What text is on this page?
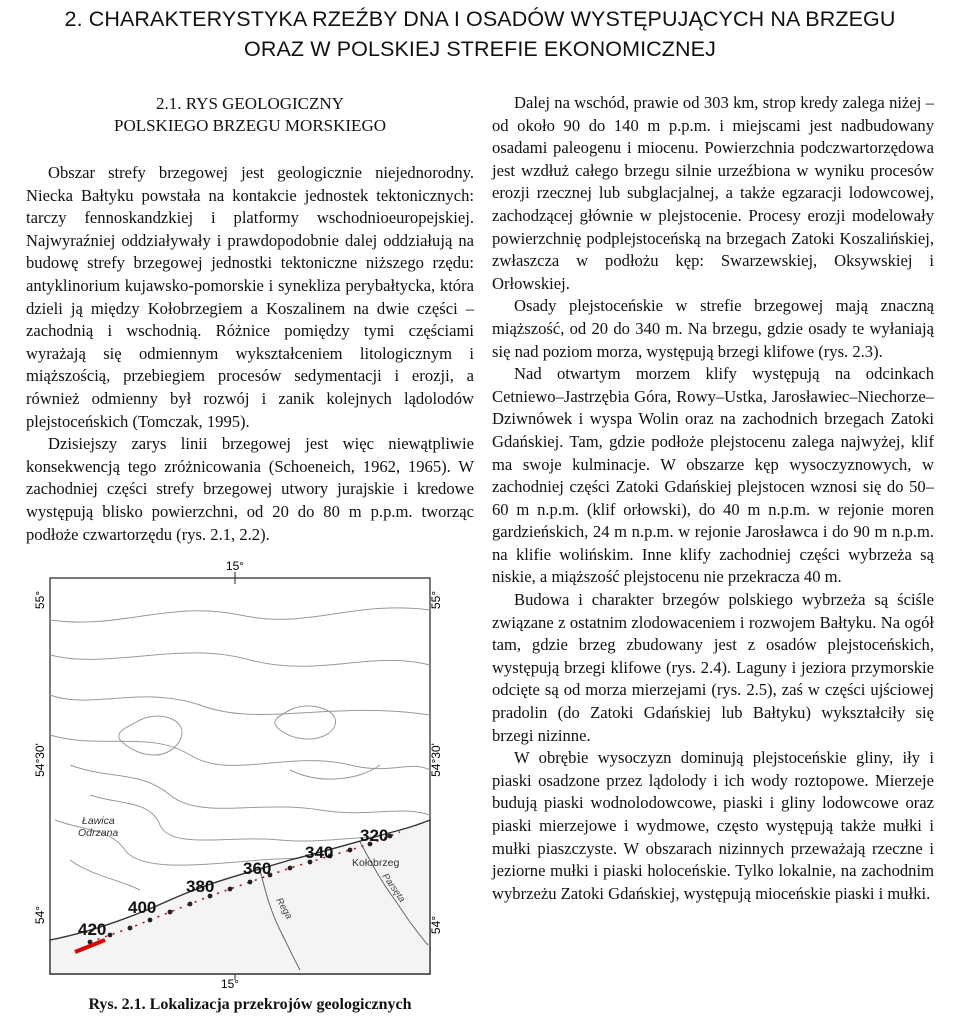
2. CHARAKTERYSTYKA RZEŹBY DNA I OSADÓW WYSTĘPUJĄCYCH NA BRZEGU
ORAZ W POLSKIEJ STREFIE EKONOMICZNEJ
2.1. RYS GEOLOGICZNY
POLSKIEGO BRZEGU MORSKIEGO

Obszar strefy brzegowej jest geologicznie niejednorodny. Niecka Bałtyku powstała na kontakcie jednostek tektonicznych: tarczy fennoskandzkiej i platformy wschodnioeuropejskiej. Najwyraźniej oddziaływały i prawdopodobnie dalej oddziałują na budowę strefy brzegowej jednostki tektoniczne niższego rzędu: antyklinorium kujawsko-pomorskie i synekliza perybałtycka, która dzieli ją między Kołobrzegiem a Koszalinem na dwie części – zachodnią i wschodnią. Różnice pomiędzy tymi częściami wyrażają się odmiennym wykształceniem litologicznym i miąższością, przebiegiem procesów sedymentacji i erozji, a również odmienny był rozwój i zanik kolejnych lądolodów plejstoceńskich (Tomczak, 1995).

Dzisiejszy zarys linii brzegowej jest więc niewątpliwie konsekwencją tego zróżnicowania (Schoeneich, 1962, 1965). W zachodniej części strefy brzegowej utwory jurajskie i kredowe występują blisko powierzchni, od 20 do 80 m p.p.m. tworząc podłoże czwartorzędu (rys. 2.1, 2.2).

Dalej na wschód, prawie od 303 km, strop kredy zalega niżej – od około 90 do 140 m p.p.m. i miejscami jest nadbudowany osadami paleogenu i miocenu. Powierzchnia podczwartorzędowa jest wzdłuż całego brzegu silnie urzeźbiona w wyniku procesów erozji rzecznej lub subglacjalnej, a także egzaracji lodowcowej, zachodzącej głównie w plejstocenie. Procesy erozji modelowały powierzchnię podplejstoceńską na brzegach Zatoki Koszalińskiej, zwłaszcza w podłożu kęp: Swarzewskiej, Oksywskiej i Orłowskiej.

Osady plejstoceńskie w strefie brzegowej mają znaczną miąższość, od 20 do 340 m. Na brzegu, gdzie osady te wyłaniają się nad poziom morza, występują brzegi klifowe (rys. 2.3).

Nad otwartym morzem klify występują na odcinkach Cetniewo–Jastrzębia Góra, Rowy–Ustka, Jarosławiec–Niechorze–Dziwnówek i wyspa Wolin oraz na zachodnich brzegach Zatoki Gdańskiej. Tam, gdzie podłoże plejstocenu zalega najwyżej, klif ma swoje kulminacje. W obszarze kęp wysoczyznowych, w zachodniej części Zatoki Gdańskiej plejstocen wznosi się do 50–60 m n.p.m. (klif orłowski), do 40 m n.p.m. w rejonie moren gardzieńskich, 24 m n.p.m. w rejonie Jarosławca i do 90 m n.p.m. na klifie wolińskim. Inne klify zachodniej części wybrzeża są niskie, a miąższość plejstocenu nie przekracza 40 m.

Budowa i charakter brzegów polskiego wybrzeża są ściśle związane z ostatnim zlodowaceniem i rozwojem Bałtyku. Na ogół tam, gdzie brzeg zbudowany jest z osadów plejstoceńskich, występują brzegi klifowe (rys. 2.4). Laguny i jeziora przymorskie odcięte są od morza mierzejami (rys. 2.5), zaś w części ujściowej pradolin (do Zatoki Gdańskiej lub Bałtyku) wykształciły się brzegi nizinne.

W obrębie wysoczyzn dominują plejstoceńskie gliny, iły i piaski osadzone przez lądolody i ich wody roztopowe. Mierzeje budują piaski wodnolodowcowe, piaski i gliny lodowcowe oraz piaski mierzejowe i wydmowe, często występują także mułki i mułki piaszczyste. W obszarach nizinnych przeważają rzeczne i jeziorne mułki i piaski holoceńskie. Tylko lokalnie, na zachodnim wybrzeżu Zatoki Gdańskiej, występują mioceńskie piaski i mułki.

15°
15°
55°	55°
54°30'	54°30'
54°
54°
Ławica
Odrzana
Kołobrzeg
Rega
Parsęta
420
400
380
360
340
320
Rys. 2.1. Lokalizacja przekrojów geologicznych
